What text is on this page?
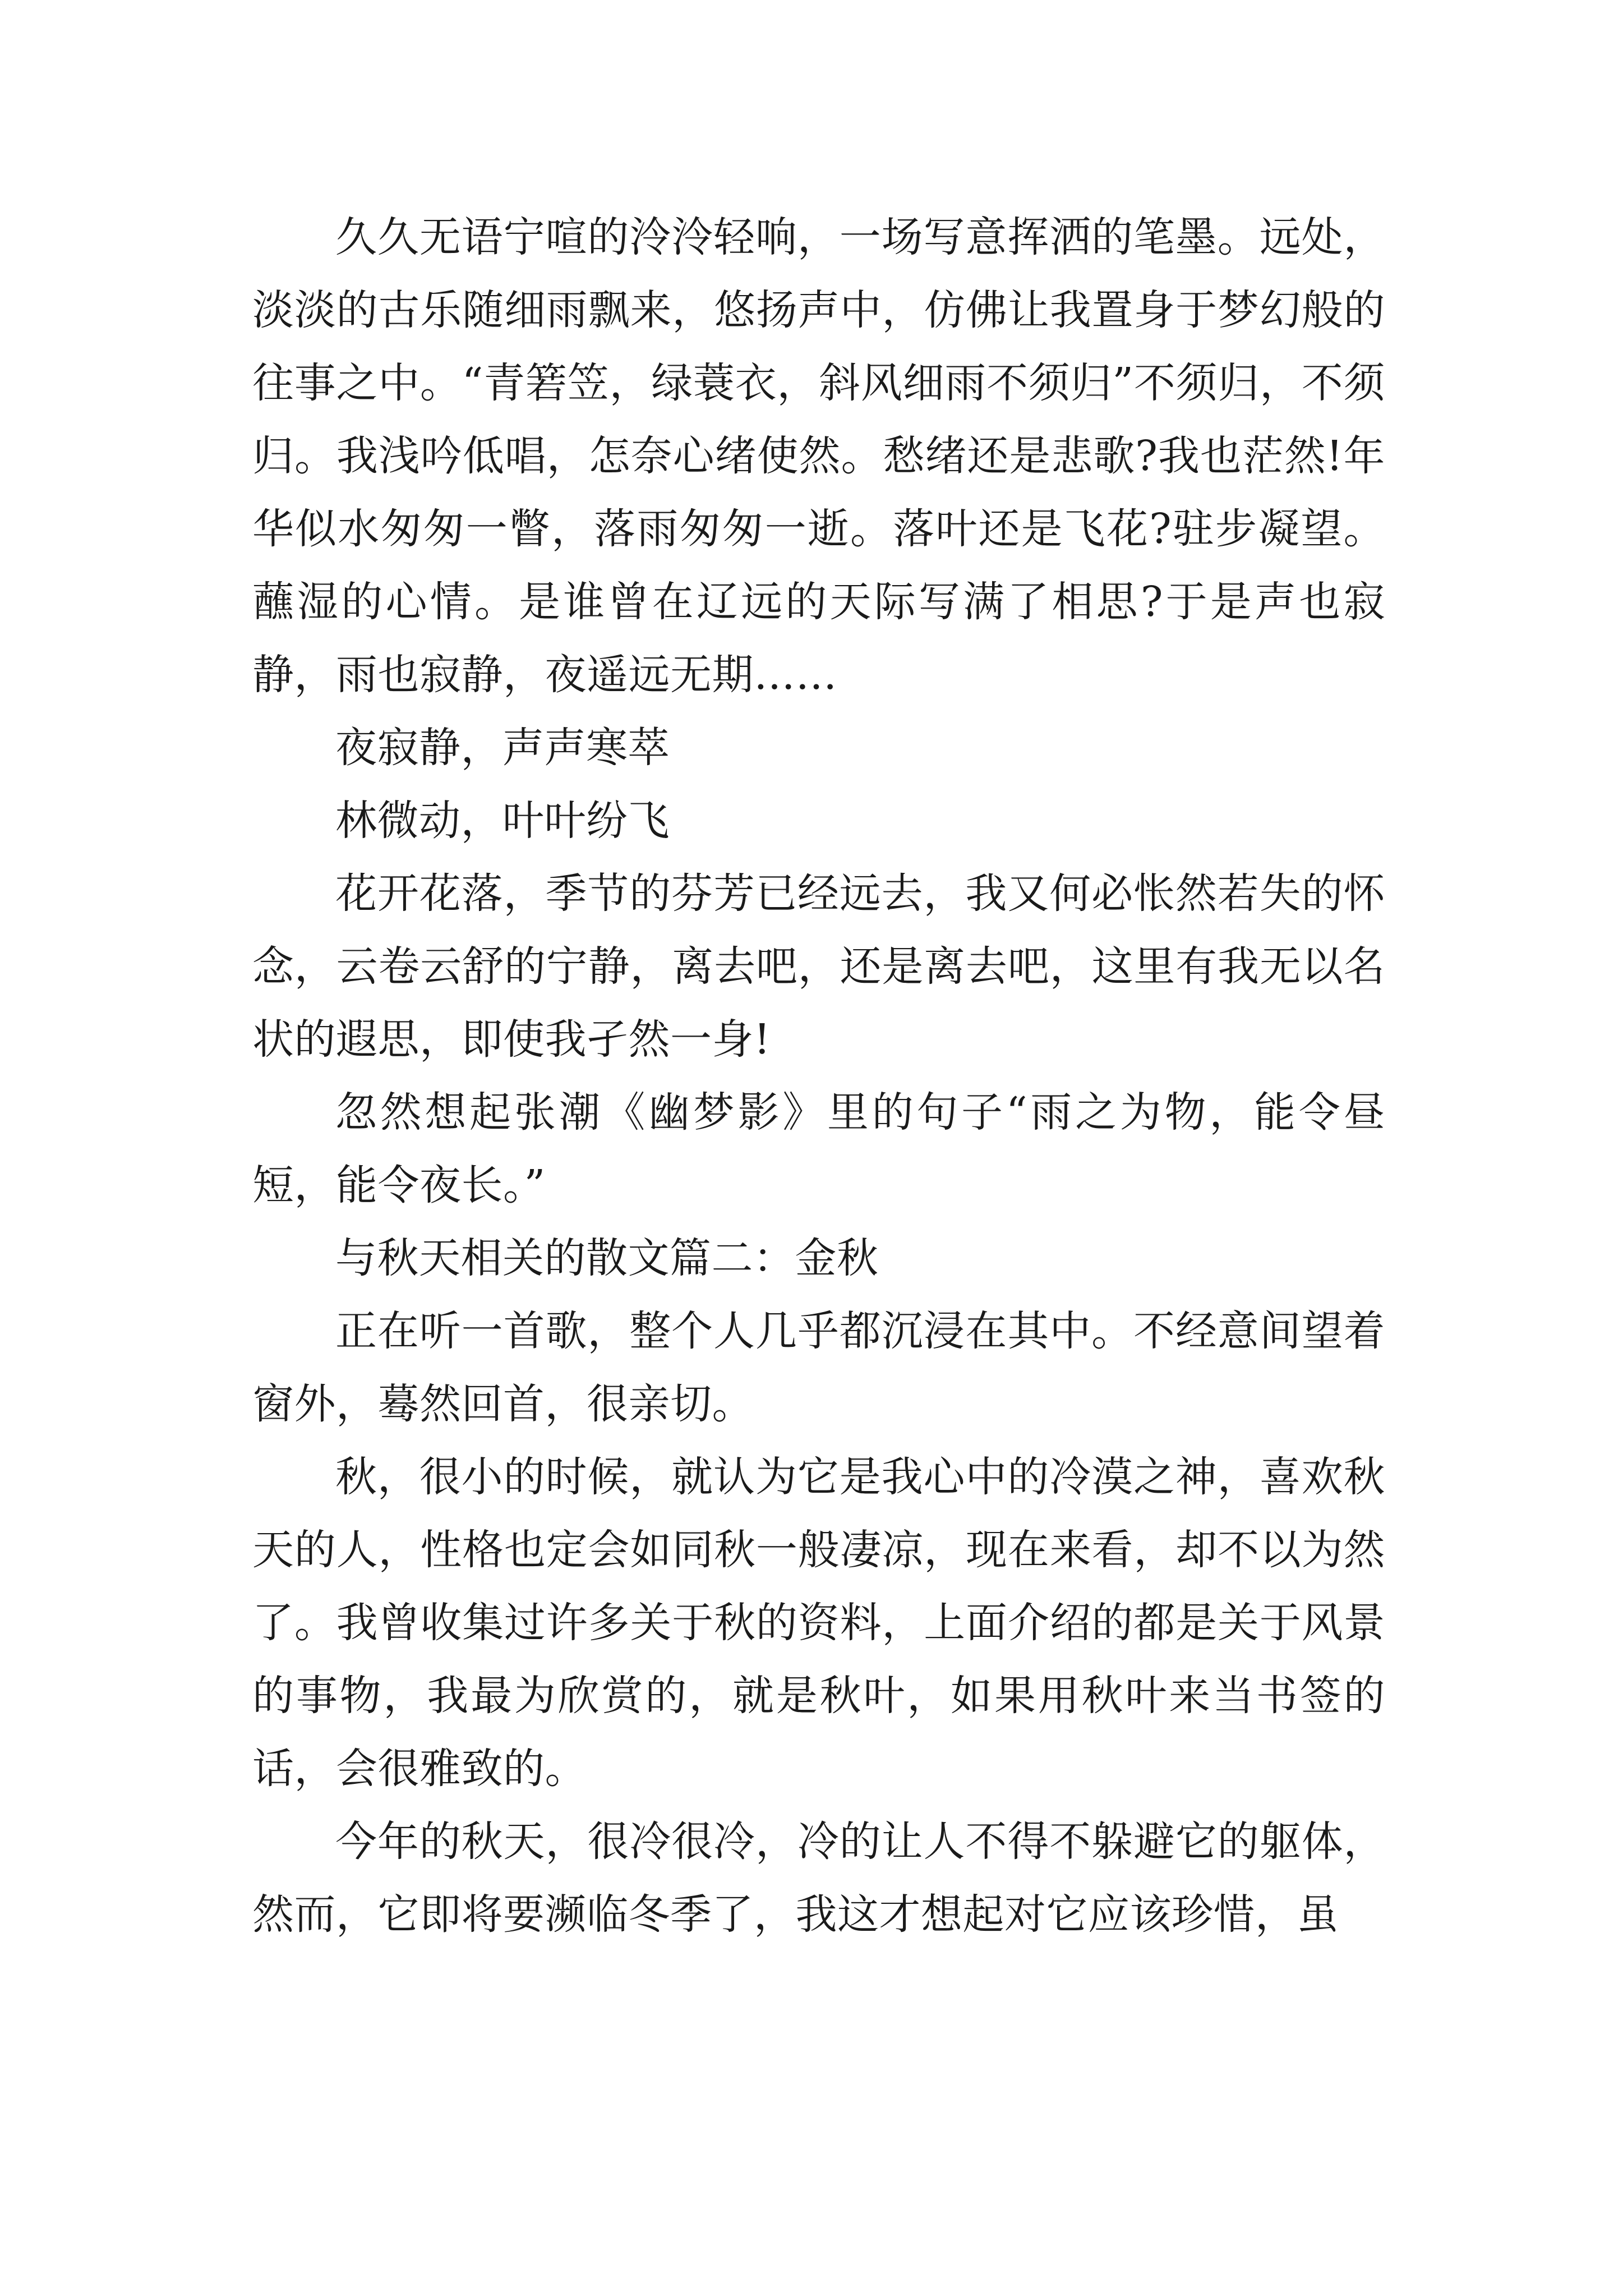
久久无语宁喧的泠泠轻响，一场写意挥洒的笔墨。远处，淡淡的古乐随细雨飘来，悠扬声中，仿佛让我置身于梦幻般的往事之中。“青箬笠，绿蓑衣，斜风细雨不须归”不须归，不须归。我浅吟低唱，怎奈心绪使然。愁绪还是悲歌?我也茫然!年华似水匆匆一瞥，落雨匆匆一逝。落叶还是飞花?驻步凝望。蘸湿的心情。是谁曾在辽远的天际写满了相思?于是声也寂静，雨也寂静，夜遥远无期……

夜寂静，声声寒萃

林微动，叶叶纷飞

花开花落，季节的芬芳已经远去，我又何必怅然若失的怀念，云卷云舒的宁静，离去吧，还是离去吧，这里有我无以名状的遐思，即使我孑然一身!

忽然想起张潮《幽梦影》里的句子“雨之为物，能令昼短，能令夜长。”

与秋天相关的散文篇二：金秋

正在听一首歌，整个人几乎都沉浸在其中。不经意间望着窗外，蓦然回首，很亲切。

秋，很小的时候，就认为它是我心中的冷漠之神，喜欢秋天的人，性格也定会如同秋一般凄凉，现在来看，却不以为然了。我曾收集过许多关于秋的资料，上面介绍的都是关于风景的事物，我最为欣赏的，就是秋叶，如果用秋叶来当书签的话，会很雅致的。

今年的秋天，很冷很冷，冷的让人不得不躲避它的躯体，然而，它即将要濒临冬季了，我这才想起对它应该珍惜，虽
